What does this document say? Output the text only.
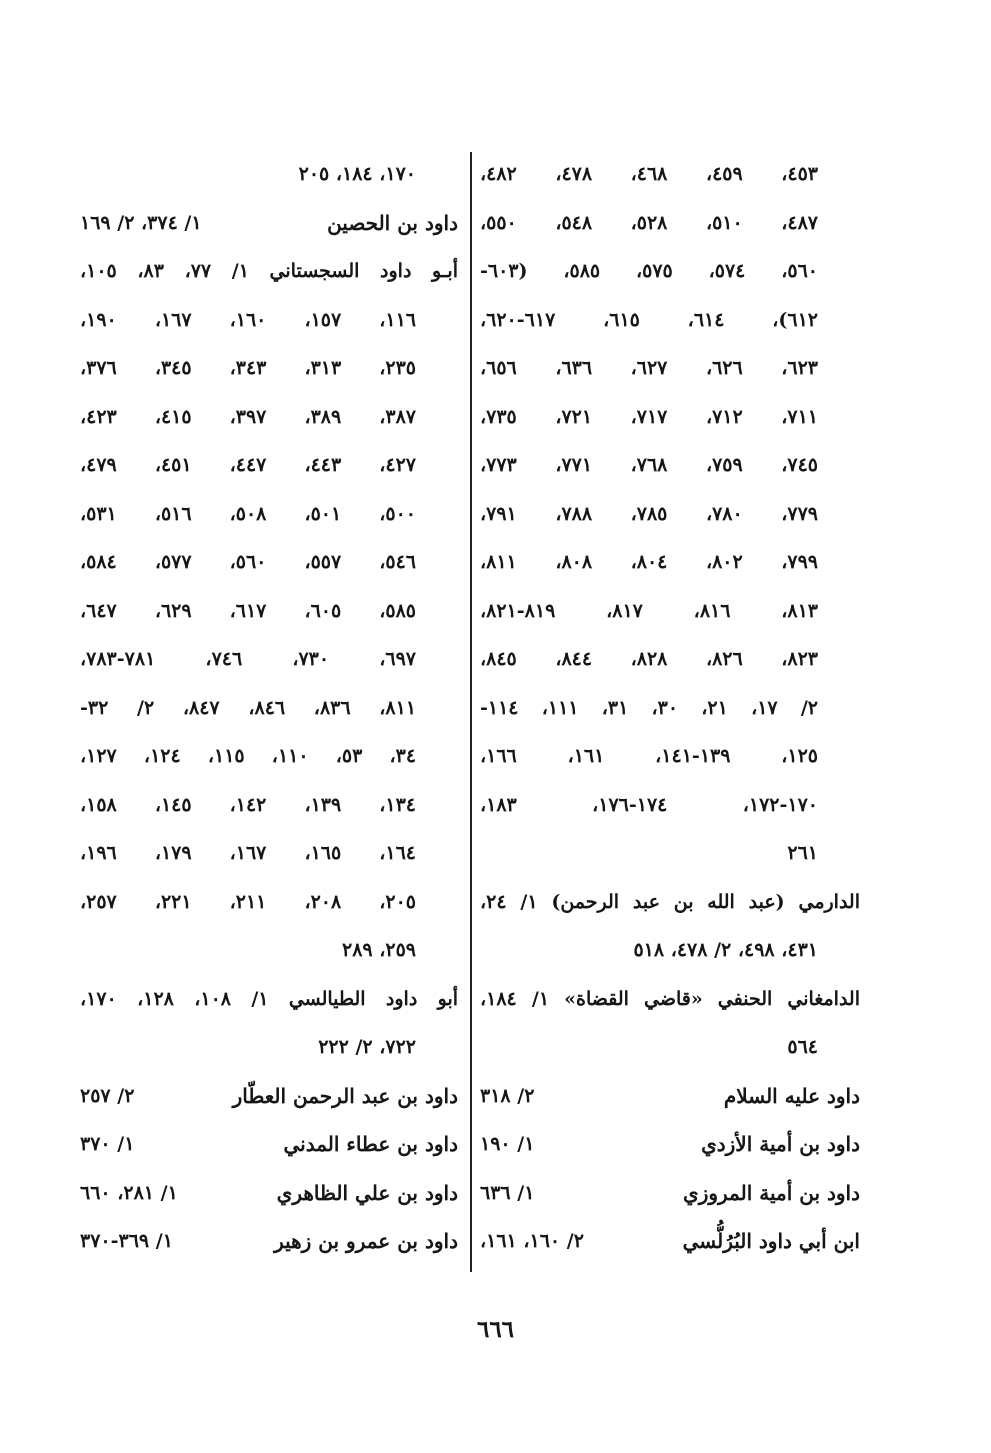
٤٥٣، ٤٥٩، ٤٦٨، ٤٧٨، ٤٨٢،
٤٨٧، ٥١٠، ٥٢٨، ٥٤٨، ٥٥٠،
٥٦٠، ٥٧٤، ٥٧٥، ٥٨٥، (٦٠٣-
٦١٢)، ٦١٤، ٦١٥، ٦١٧-٦٢٠،
٦٢٣، ٦٢٦، ٦٢٧، ٦٣٦، ٦٥٦،
٧١١، ٧١٢، ٧١٧، ٧٢١، ٧٣٥،
٧٤٥، ٧٥٩، ٧٦٨، ٧٧١، ٧٧٣،
٧٧٩، ٧٨٠، ٧٨٥، ٧٨٨، ٧٩١،
٧٩٩، ٨٠٢، ٨٠٤، ٨٠٨، ٨١١،
٨١٣، ٨١٦، ٨١٧، ٨١٩-٨٢١،
٨٢٣، ٨٢٦، ٨٢٨، ٨٤٤، ٨٤٥،
٢/ ١٧، ٢١، ٣٠، ٣١، ١١١، ١١٤-
١٢٥، ١٣٩-١٤١، ١٦١، ١٦٦،
١٧٠-١٧٢، ١٧٤-١٧٦، ١٨٣،
٢٦١
الدارمي (عبد الله بن عبد الرحمن) ١/ ٢٤،
٤٣١، ٤٩٨، ٢/ ٤٧٨، ٥١٨
الدامغاني الحنفي «قاضي القضاة» ١/ ١٨٤،
٥٦٤
داود عليه السلام
٢/ ٣١٨
داود بن أمية الأزدي
١/ ١٩٠
داود بن أمية المروزي
١/ ٦٣٦
ابن أبي داود البُرُلُّسي
٢/ ١٦٠، ١٦١،
١٧٠، ١٨٤، ٢٠٥
داود بن الحصين
١/ ٣٧٤، ٢/ ١٦٩
أبـو داود السجستاني ١/ ٧٧، ٨٣، ١٠٥،
١١٦، ١٥٧، ١٦٠، ١٦٧، ١٩٠،
٢٣٥، ٣١٣، ٣٤٣، ٣٤٥، ٣٧٦،
٣٨٧، ٣٨٩، ٣٩٧، ٤١٥، ٤٢٣،
٤٢٧، ٤٤٣، ٤٤٧، ٤٥١، ٤٧٩،
٥٠٠، ٥٠١، ٥٠٨، ٥١٦، ٥٣١،
٥٤٦، ٥٥٧، ٥٦٠، ٥٧٧، ٥٨٤،
٥٨٥، ٦٠٥، ٦١٧، ٦٢٩، ٦٤٧،
٦٩٧، ٧٣٠، ٧٤٦، ٧٨١-٧٨٣،
٨١١، ٨٣٦، ٨٤٦، ٨٤٧، ٢/ ٣٢-
٣٤، ٥٣، ١١٠، ١١٥، ١٢٤، ١٢٧،
١٣٤، ١٣٩، ١٤٢، ١٤٥، ١٥٨،
١٦٤، ١٦٥، ١٦٧، ١٧٩، ١٩٦،
٢٠٥، ٢٠٨، ٢١١، ٢٢١، ٢٥٧،
٢٥٩، ٢٨٩
أبو داود الطيالسي ١/ ١٠٨، ١٢٨، ١٧٠،
٧٢٢، ٢/ ٢٢٢
داود بن عبد الرحمن العطّار
٢/ ٢٥٧
داود بن عطاء المدني
١/ ٣٧٠
داود بن علي الظاهري
١/ ٢٨١، ٦٦٠
داود بن عمرو بن زهير
١/ ٣٦٩-٣٧٠
٦٦٦
